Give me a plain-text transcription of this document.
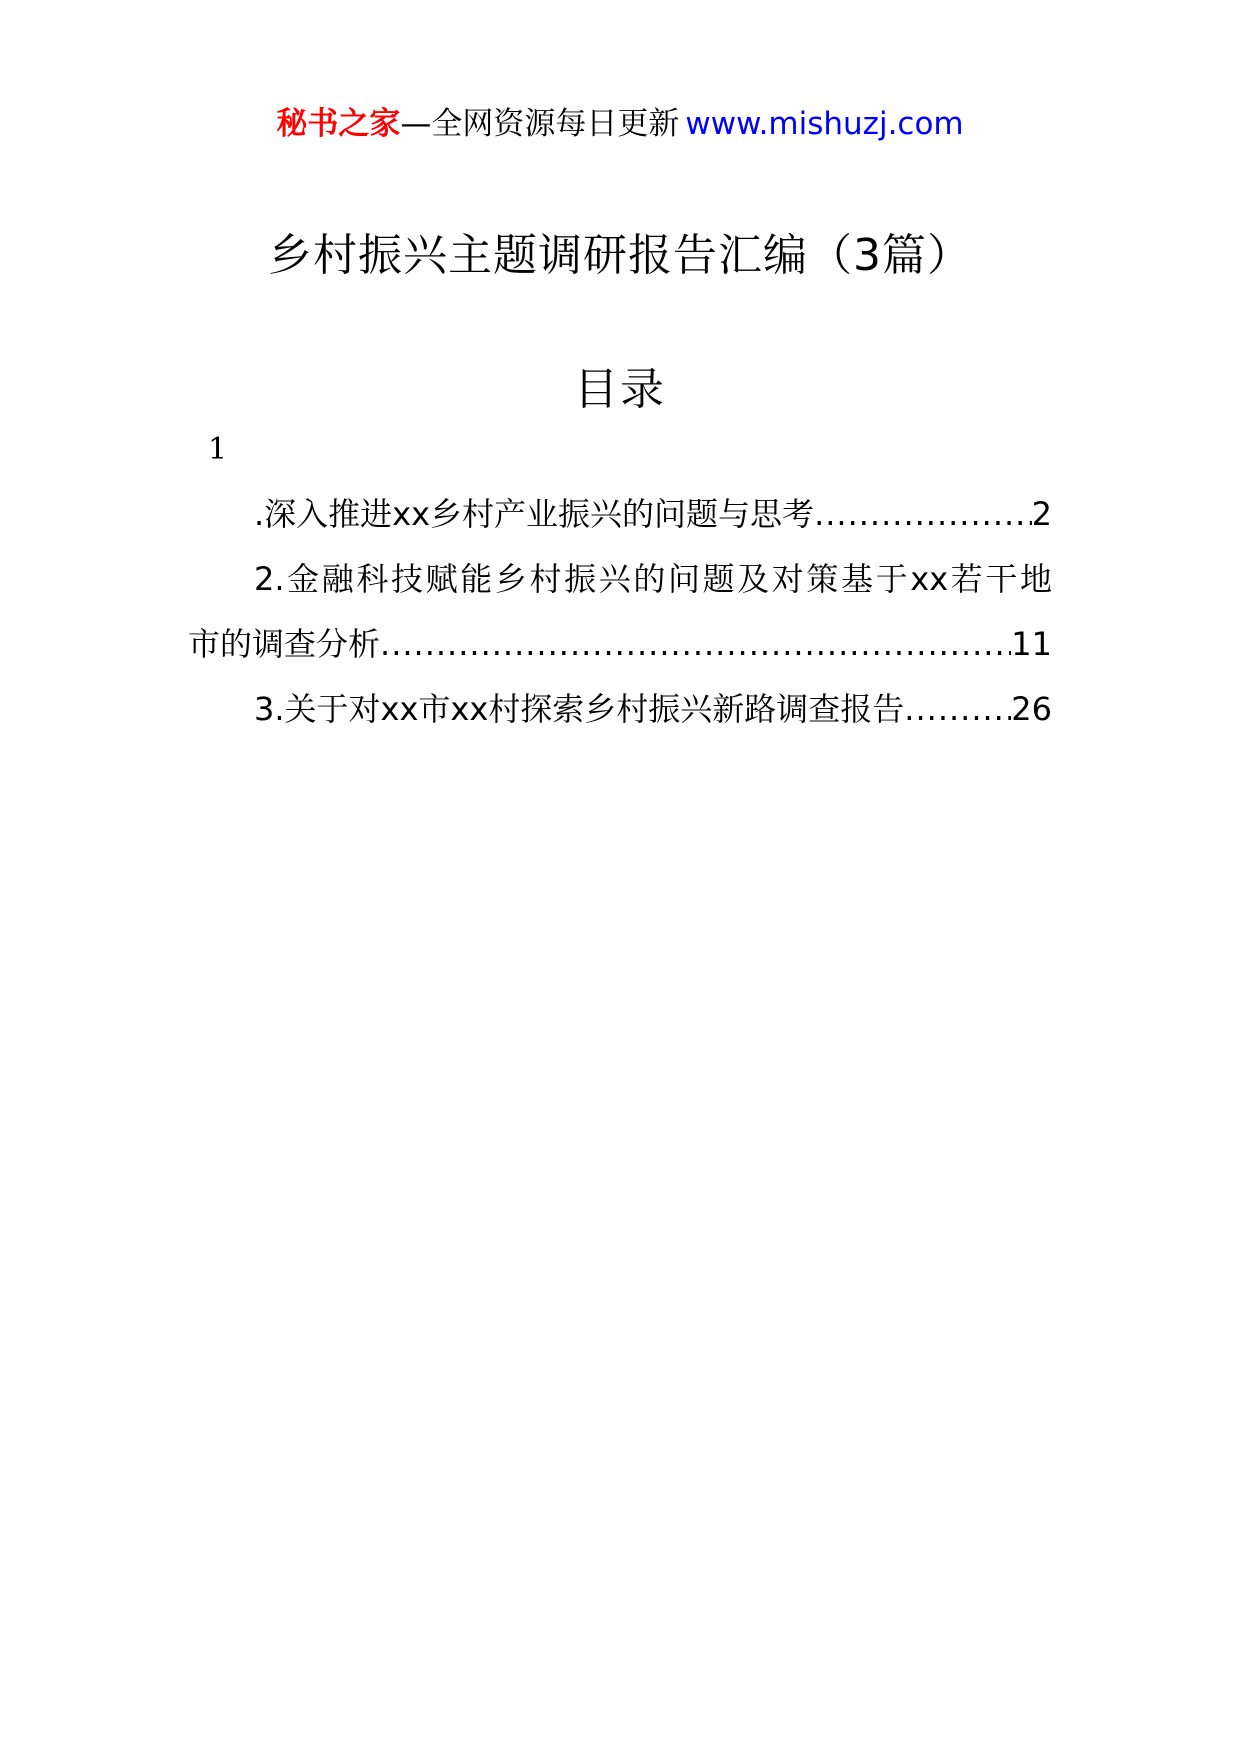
秘书之家—全网资源每日更新 www.mishuzj.com
乡村振兴主题调研报告汇编（3篇）
目录
1
.深入推进xx乡村产业振兴的问题与思考 .....	2
2.金融科技赋能乡村振兴的问题及对策基于xx若干地
市的调查分析 .....	11
3.关于对xx市xx村探索乡村振兴新路调查报告 .....	26
